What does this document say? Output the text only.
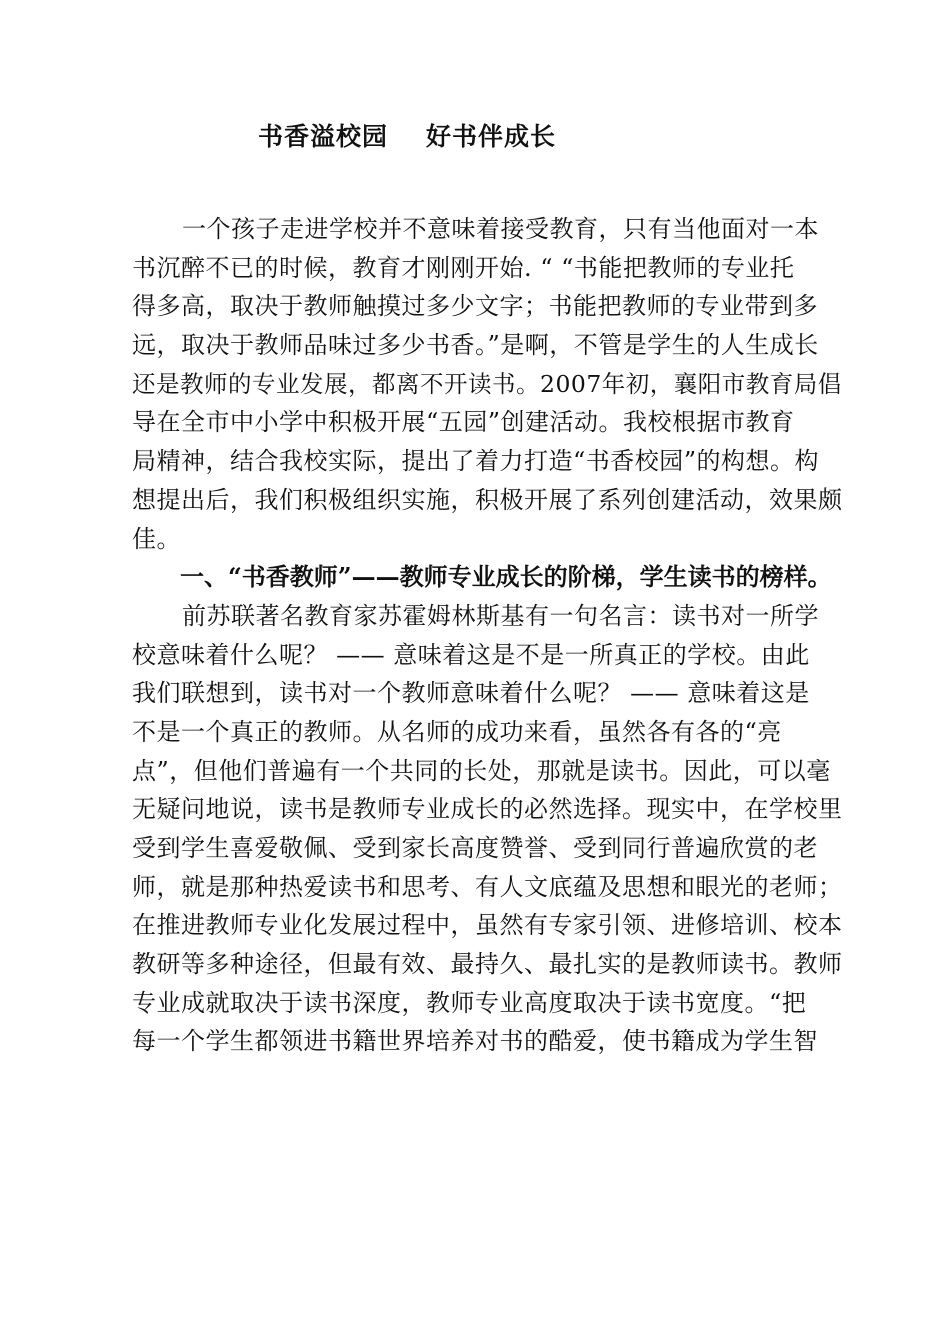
书香溢校园 好书伴成长
一个孩子走进学校并不意味着接受教育，只有当他面对一本
书沉醉不已的时候，教育才刚刚开始. “ “书能把教师的专业托
得多高，取决于教师触摸过多少文字；书能把教师的专业带到多
远，取决于教师品味过多少书香。”是啊，不管是学生的人生成长
还是教师的专业发展，都离不开读书。2007年初，襄阳市教育局倡
导在全市中小学中积极开展“五园”创建活动。我校根据市教育
局精神，结合我校实际，提出了着力打造“书香校园”的构想。构
想提出后，我们积极组织实施，积极开展了系列创建活动，效果颇
佳。
一、“书香教师”——教师专业成长的阶梯，学生读书的榜样。
前苏联著名教育家苏霍姆林斯基有一句名言：读书对一所学
校意味着什么呢？ —— 意味着这是不是一所真正的学校。由此
我们联想到，读书对一个教师意味着什么呢？ —— 意味着这是
不是一个真正的教师。从名师的成功来看，虽然各有各的“亮
点”，但他们普遍有一个共同的长处，那就是读书。因此，可以毫
无疑问地说，读书是教师专业成长的必然选择。现实中，在学校里
受到学生喜爱敬佩、受到家长高度赞誉、受到同行普遍欣赏的老
师，就是那种热爱读书和思考、有人文底蕴及思想和眼光的老师；
在推进教师专业化发展过程中，虽然有专家引领、进修培训、校本
教研等多种途径，但最有效、最持久、最扎实的是教师读书。教师
专业成就取决于读书深度，教师专业高度取决于读书宽度。“把
每一个学生都领进书籍世界培养对书的酷爱，使书籍成为学生智
